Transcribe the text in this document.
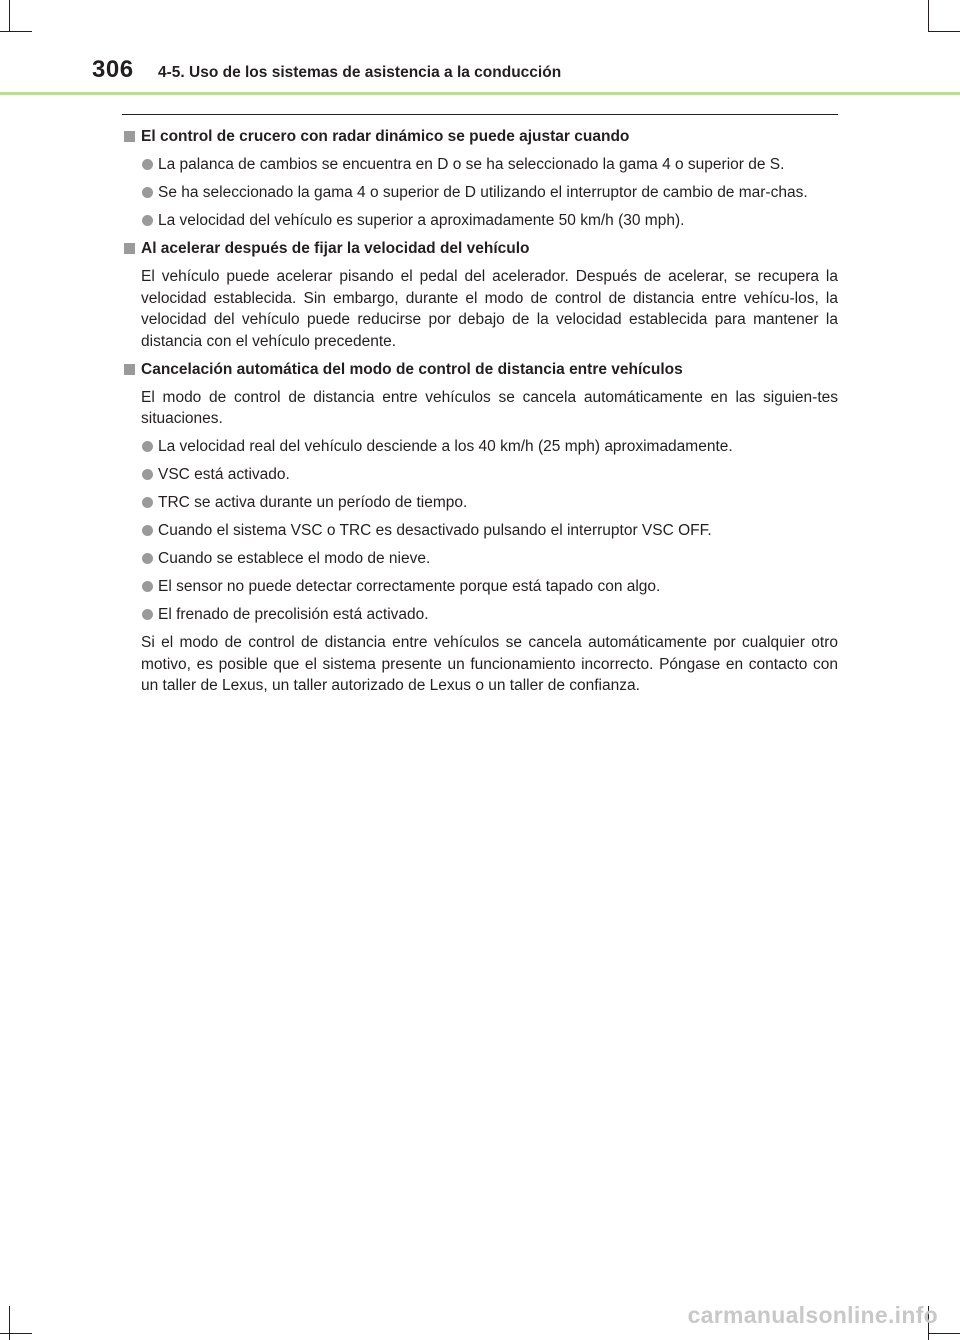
306 4-5. Uso de los sistemas de asistencia a la conducción
El control de crucero con radar dinámico se puede ajustar cuando
La palanca de cambios se encuentra en D o se ha seleccionado la gama 4 o superior de S.
Se ha seleccionado la gama 4 o superior de D utilizando el interruptor de cambio de mar-chas.
La velocidad del vehículo es superior a aproximadamente 50 km/h (30 mph).
Al acelerar después de fijar la velocidad del vehículo
El vehículo puede acelerar pisando el pedal del acelerador. Después de acelerar, se recupera la velocidad establecida. Sin embargo, durante el modo de control de distancia entre vehícu-los, la velocidad del vehículo puede reducirse por debajo de la velocidad establecida para mantener la distancia con el vehículo precedente.
Cancelación automática del modo de control de distancia entre vehículos
El modo de control de distancia entre vehículos se cancela automáticamente en las siguien-tes situaciones.
La velocidad real del vehículo desciende a los 40 km/h (25 mph) aproximadamente.
VSC está activado.
TRC se activa durante un período de tiempo.
Cuando el sistema VSC o TRC es desactivado pulsando el interruptor VSC OFF.
Cuando se establece el modo de nieve.
El sensor no puede detectar correctamente porque está tapado con algo.
El frenado de precolisión está activado.
Si el modo de control de distancia entre vehículos se cancela automáticamente por cualquier otro motivo, es posible que el sistema presente un funcionamiento incorrecto. Póngase en contacto con un taller de Lexus, un taller autorizado de Lexus o un taller de confianza.
carmanualsonline.info
